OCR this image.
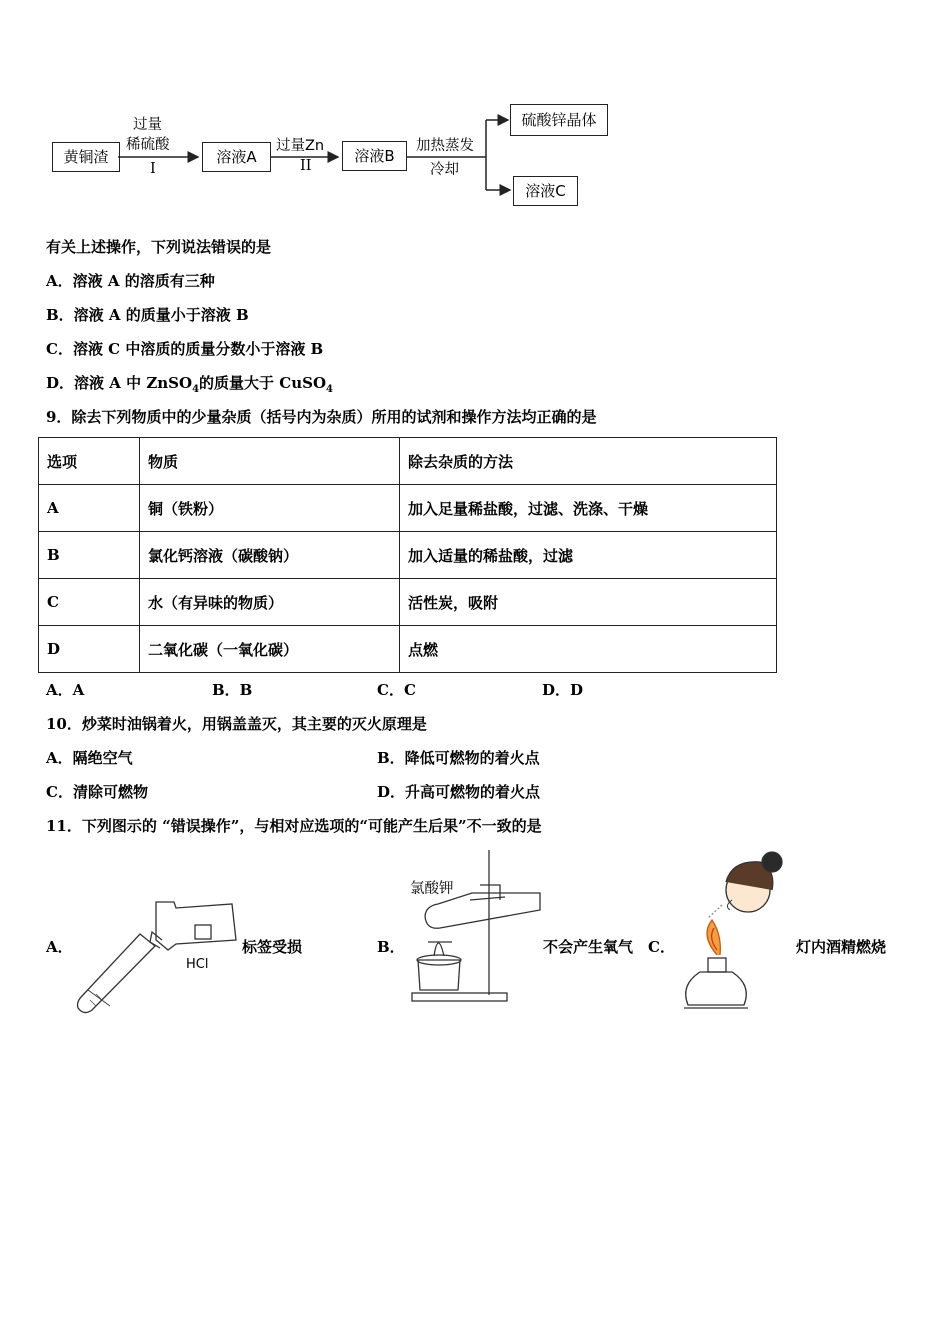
黄铜渣
过量
稀硫酸
I
溶液A
过量Zn
II
溶液B
加热蒸发
冷却
硫酸锌晶体
溶液C
有关上述操作，下列说法错误的是
A．溶液 A 的溶质有三种
B．溶液 A 的质量小于溶液 B
C．溶液 C 中溶质的质量分数小于溶液 B
D．溶液 A 中 ZnSO$_4$的质量大于 CuSO$_4$
9．除去下列物质中的少量杂质（括号内为杂质）所用的试剂和操作方法均正确的是
选项	物质	除去杂质的方法
A	铜（铁粉）	加入足量稀盐酸，过滤、洗涤、干燥
B	氯化钙溶液（碳酸钠）	加入适量的稀盐酸，过滤
C	水（有异味的物质）	活性炭，吸附
D	二氧化碳（一氧化碳）	点燃
A．A	B．B	C．C	D．D
10．炒菜时油锅着火，用锅盖盖灭，其主要的灭火原理是
A．隔绝空气	B．降低可燃物的着火点
C．清除可燃物	D．升高可燃物的着火点
11．下列图示的 “错误操作”，与相对应选项的“可能产生后果”不一致的是
A．
HCl
标签受损	B．
氯酸钾
不会产生氧气 C．	灯内酒精燃烧
